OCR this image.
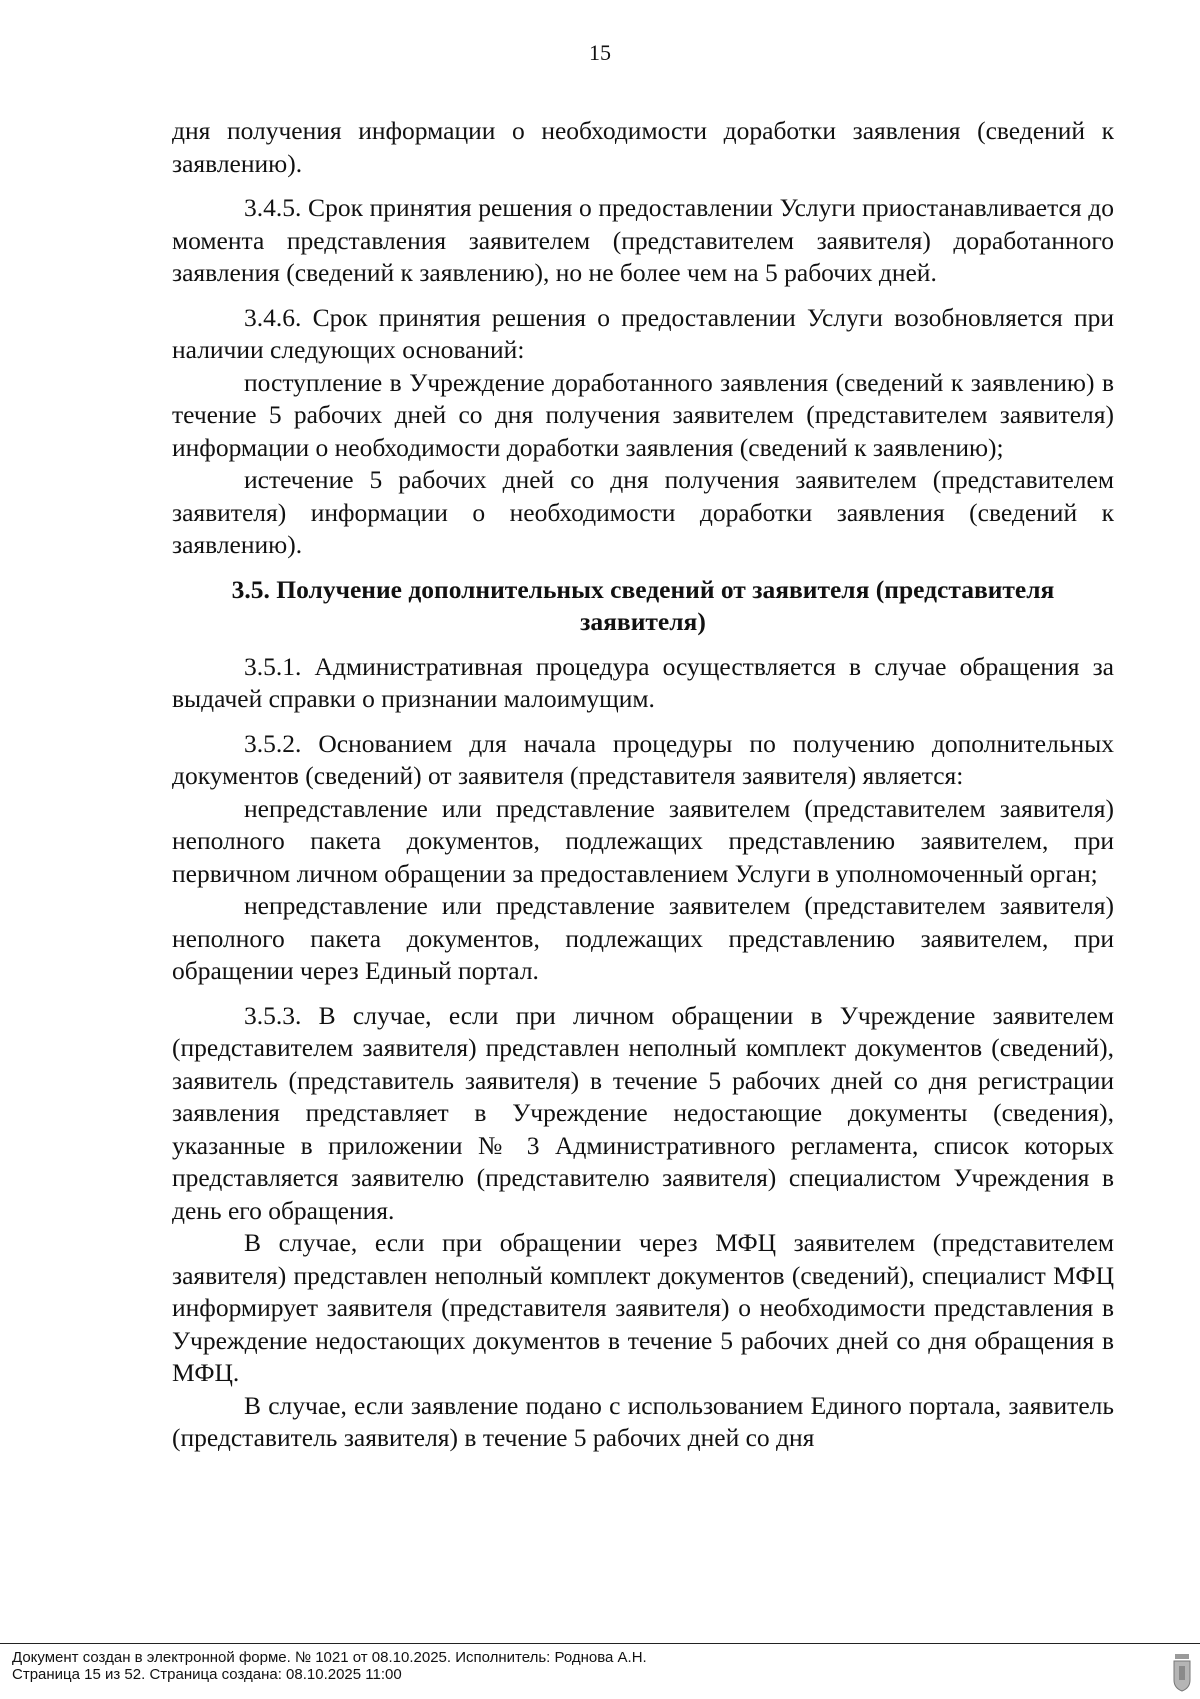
15

дня получения информации о необходимости доработки заявления (сведений к заявлению).

3.4.5. Срок принятия решения о предоставлении Услуги приостанавливается до момента представления заявителем (представителем заявителя) доработанного заявления (сведений к заявлению), но не более чем на 5 рабочих дней.

3.4.6. Срок принятия решения о предоставлении Услуги возобновляется при наличии следующих оснований:

поступление в Учреждение доработанного заявления (сведений к заявлению) в течение 5 рабочих дней со дня получения заявителем (представителем заявителя) информации о необходимости доработки заявления (сведений к заявлению);

истечение 5 рабочих дней со дня получения заявителем (представителем заявителя) информации о необходимости доработки заявления (сведений к заявлению).

3.5. Получение дополнительных сведений от заявителя (представителя заявителя)

3.5.1. Административная процедура осуществляется в случае обращения за выдачей справки о признании малоимущим.

3.5.2. Основанием для начала процедуры по получению дополнительных документов (сведений) от заявителя (представителя заявителя) является:

непредставление или представление заявителем (представителем заявителя) неполного пакета документов, подлежащих представлению заявителем, при первичном личном обращении за предоставлением Услуги в уполномоченный орган;

непредставление или представление заявителем (представителем заявителя) неполного пакета документов, подлежащих представлению заявителем, при обращении через Единый портал.

3.5.3. В случае, если при личном обращении в Учреждение заявителем (представителем заявителя) представлен неполный комплект документов (сведений), заявитель (представитель заявителя) в течение 5 рабочих дней со дня регистрации заявления представляет в Учреждение недостающие документы (сведения), указанные в приложении № 3 Административного регламента, список которых представляется заявителю (представителю заявителя) специалистом Учреждения в день его обращения.

В случае, если при обращении через МФЦ заявителем (представителем заявителя) представлен неполный комплект документов (сведений), специалист МФЦ информирует заявителя (представителя заявителя) о необходимости представления в Учреждение недостающих документов в течение 5 рабочих дней со дня обращения в МФЦ.

В случае, если заявление подано с использованием Единого портала, заявитель (представитель заявителя) в течение 5 рабочих дней со дня

Документ создан в электронной форме. № 1021 от 08.10.2025. Исполнитель: Роднова А.Н.
Страница 15 из 52. Страница создана: 08.10.2025 11:00
